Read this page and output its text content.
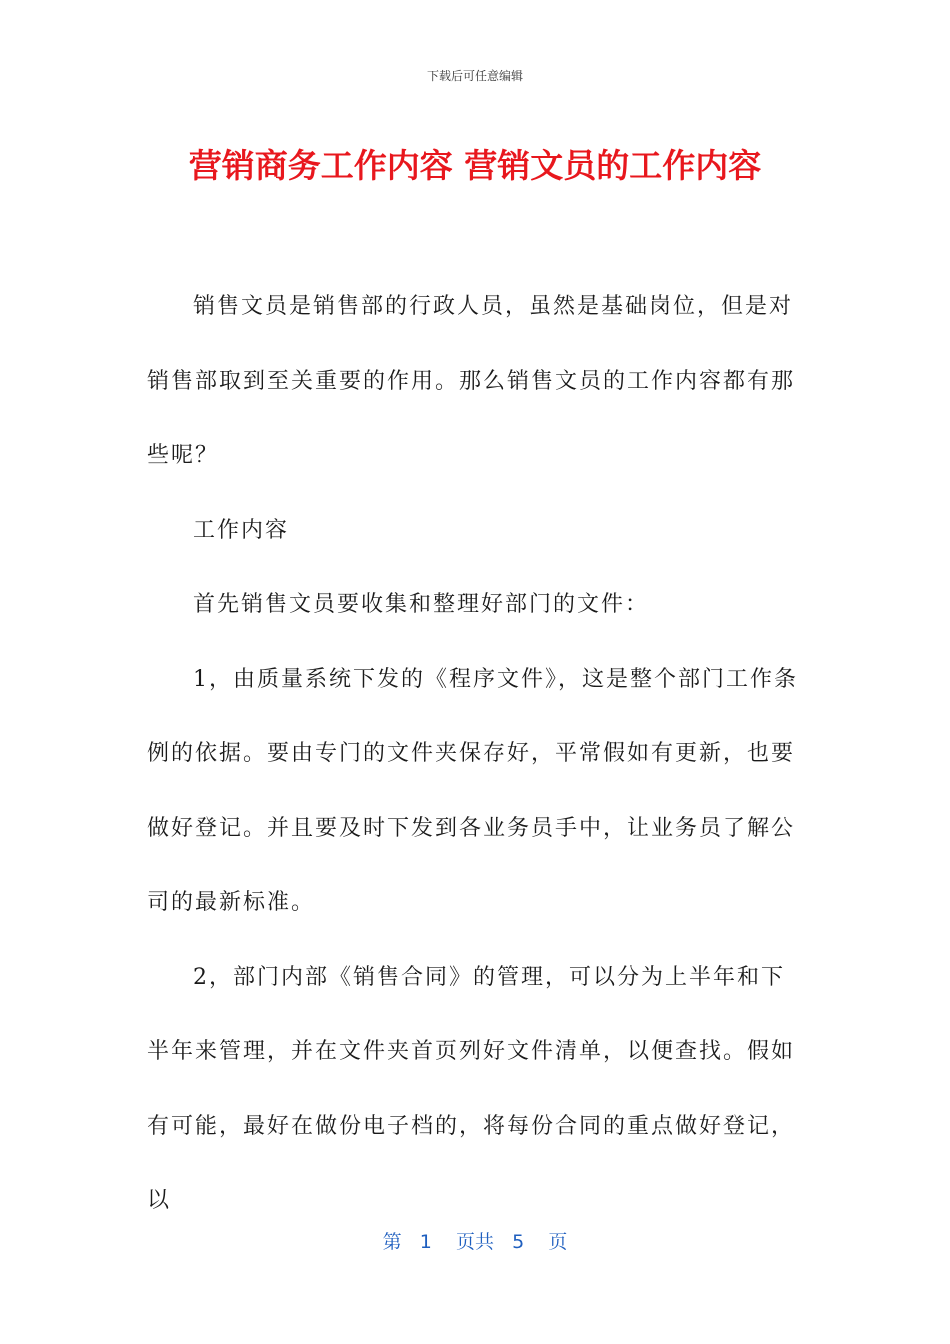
下载后可任意编辑
营销商务工作内容 营销文员的工作内容

销售文员是销售部的行政人员，虽然是基础岗位，但是对销售部取到至关重要的作用。那么销售文员的工作内容都有那些呢？

工作内容

首先销售文员要收集和整理好部门的文件：

1，由质量系统下发的《程序文件》，这是整个部门工作条例的依据。要由专门的文件夹保存好，平常假如有更新，也要做好登记。并且要及时下发到各业务员手中，让业务员了解公司的最新标准。

2，部门内部《销售合同》的管理，可以分为上半年和下半年来管理，并在文件夹首页列好文件清单，以便查找。假如有可能，最好在做份电子档的，将每份合同的重点做好登记，以

第 1 页共 5 页
